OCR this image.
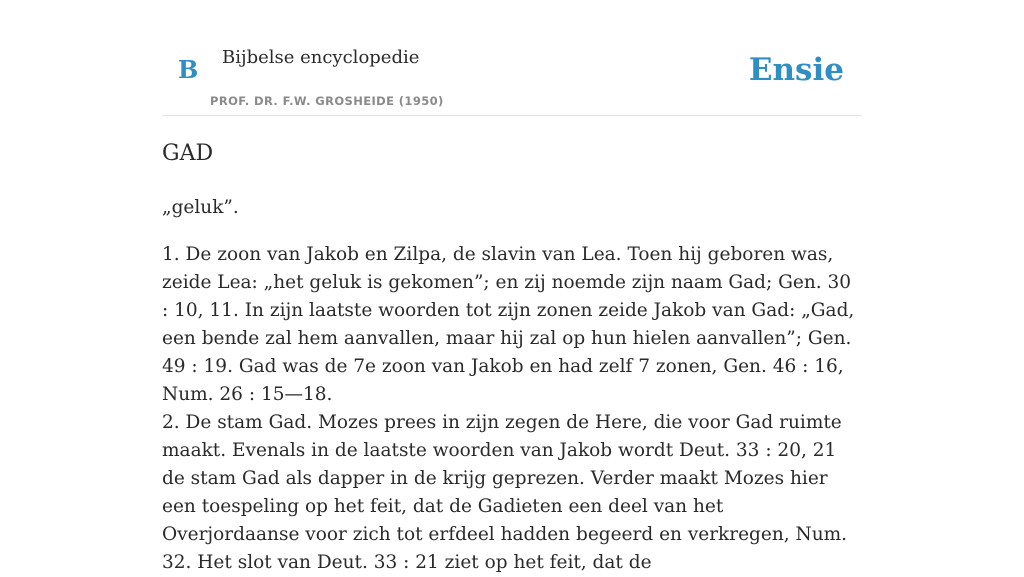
B Bijbelse encyclopedie
PROF. DR. F.W. GROSHEIDE (1950)
Ensie
GAD

„geluk”.

1. De zoon van Jakob en Zilpa, de slavin van Lea. Toen hij geboren was, zeide Lea: „het geluk is gekomen”; en zij noemde zijn naam Gad; Gen. 30 : 10, 11. In zijn laatste woorden tot zijn zonen zeide Jakob van Gad: „Gad, een bende zal hem aanvallen, maar hij zal op hun hielen aanvallen”; Gen. 49 : 19. Gad was de 7e zoon van Jakob en had zelf 7 zonen, Gen. 46 : 16, Num. 26 : 15—18.

2. De stam Gad. Mozes prees in zijn zegen de Here, die voor Gad ruimte maakt. Evenals in de laatste woorden van Jakob wordt Deut. 33 : 20, 21 de stam Gad als dapper in de krijg geprezen. Verder maakt Mozes hier een toespeling op het feit, dat de Gadieten een deel van het Overjordaanse voor zich tot erfdeel hadden begeerd en verkregen, Num. 32. Het slot van Deut. 33 : 21 ziet op het feit, dat de
